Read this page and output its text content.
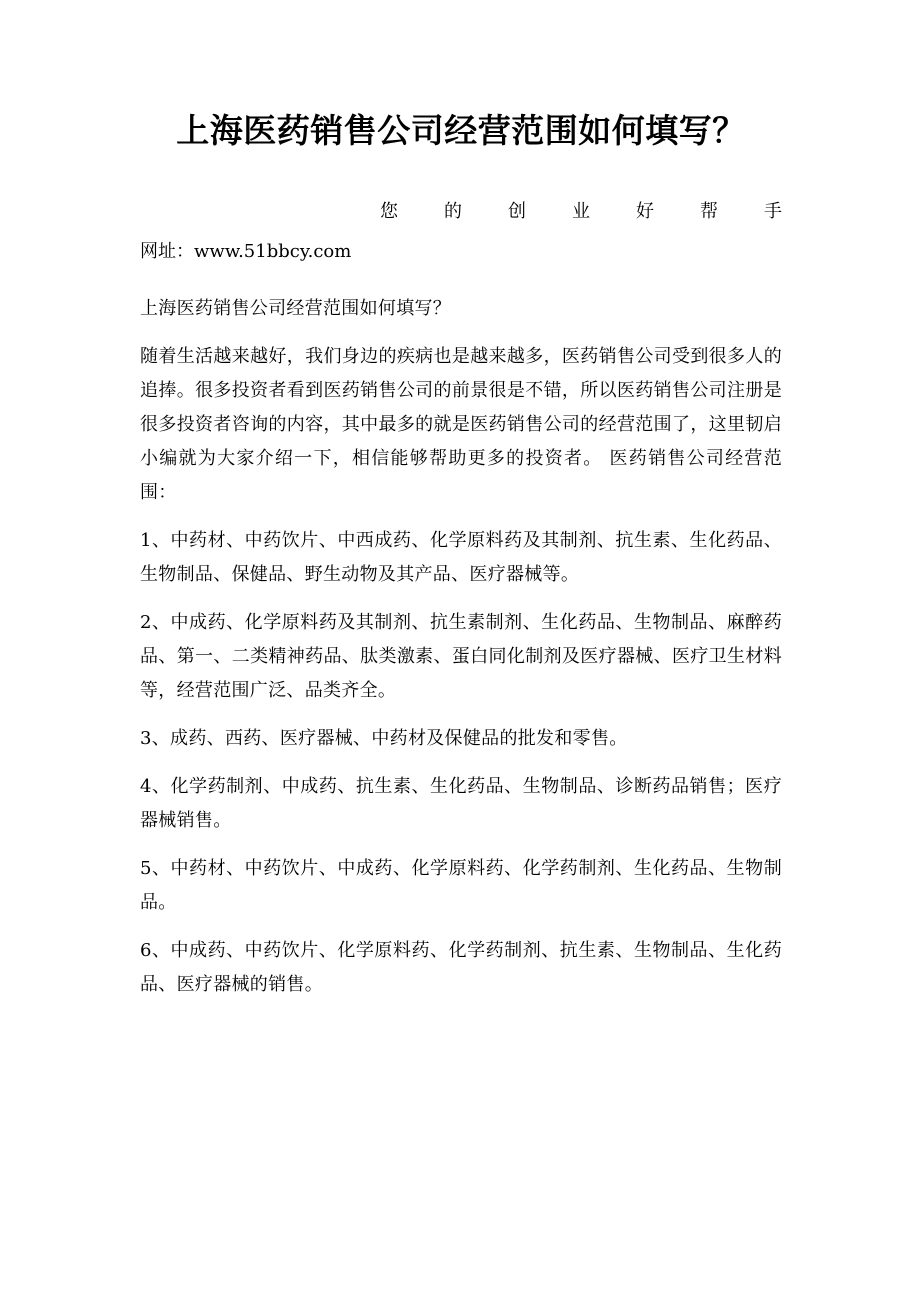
上海医药销售公司经营范围如何填写？
您	的	创	业	好	帮	手
网址：www.51bbcy.com

上海医药销售公司经营范围如何填写？

随着生活越来越好，我们身边的疾病也是越来越多，医药销售公司受到很多人的追捧。很多投资者看到医药销售公司的前景很是不错，所以医药销售公司注册是很多投资者咨询的内容，其中最多的就是医药销售公司的经营范围了，这里韧启小编就为大家介绍一下，相信能够帮助更多的投资者。 医药销售公司经营范围：

1、中药材、中药饮片、中西成药、化学原料药及其制剂、抗生素、生化药品、生物制品、保健品、野生动物及其产品、医疗器械等。

2、中成药、化学原料药及其制剂、抗生素制剂、生化药品、生物制品、麻醉药品、第一、二类精神药品、肽类激素、蛋白同化制剂及医疗器械、医疗卫生材料等，经营范围广泛、品类齐全。

3、成药、西药、医疗器械、中药材及保健品的批发和零售。

4、化学药制剂、中成药、抗生素、生化药品、生物制品、诊断药品销售；医疗器械销售。

5、中药材、中药饮片、中成药、化学原料药、化学药制剂、生化药品、生物制品。

6、中成药、中药饮片、化学原料药、化学药制剂、抗生素、生物制品、生化药品、医疗器械的销售。
